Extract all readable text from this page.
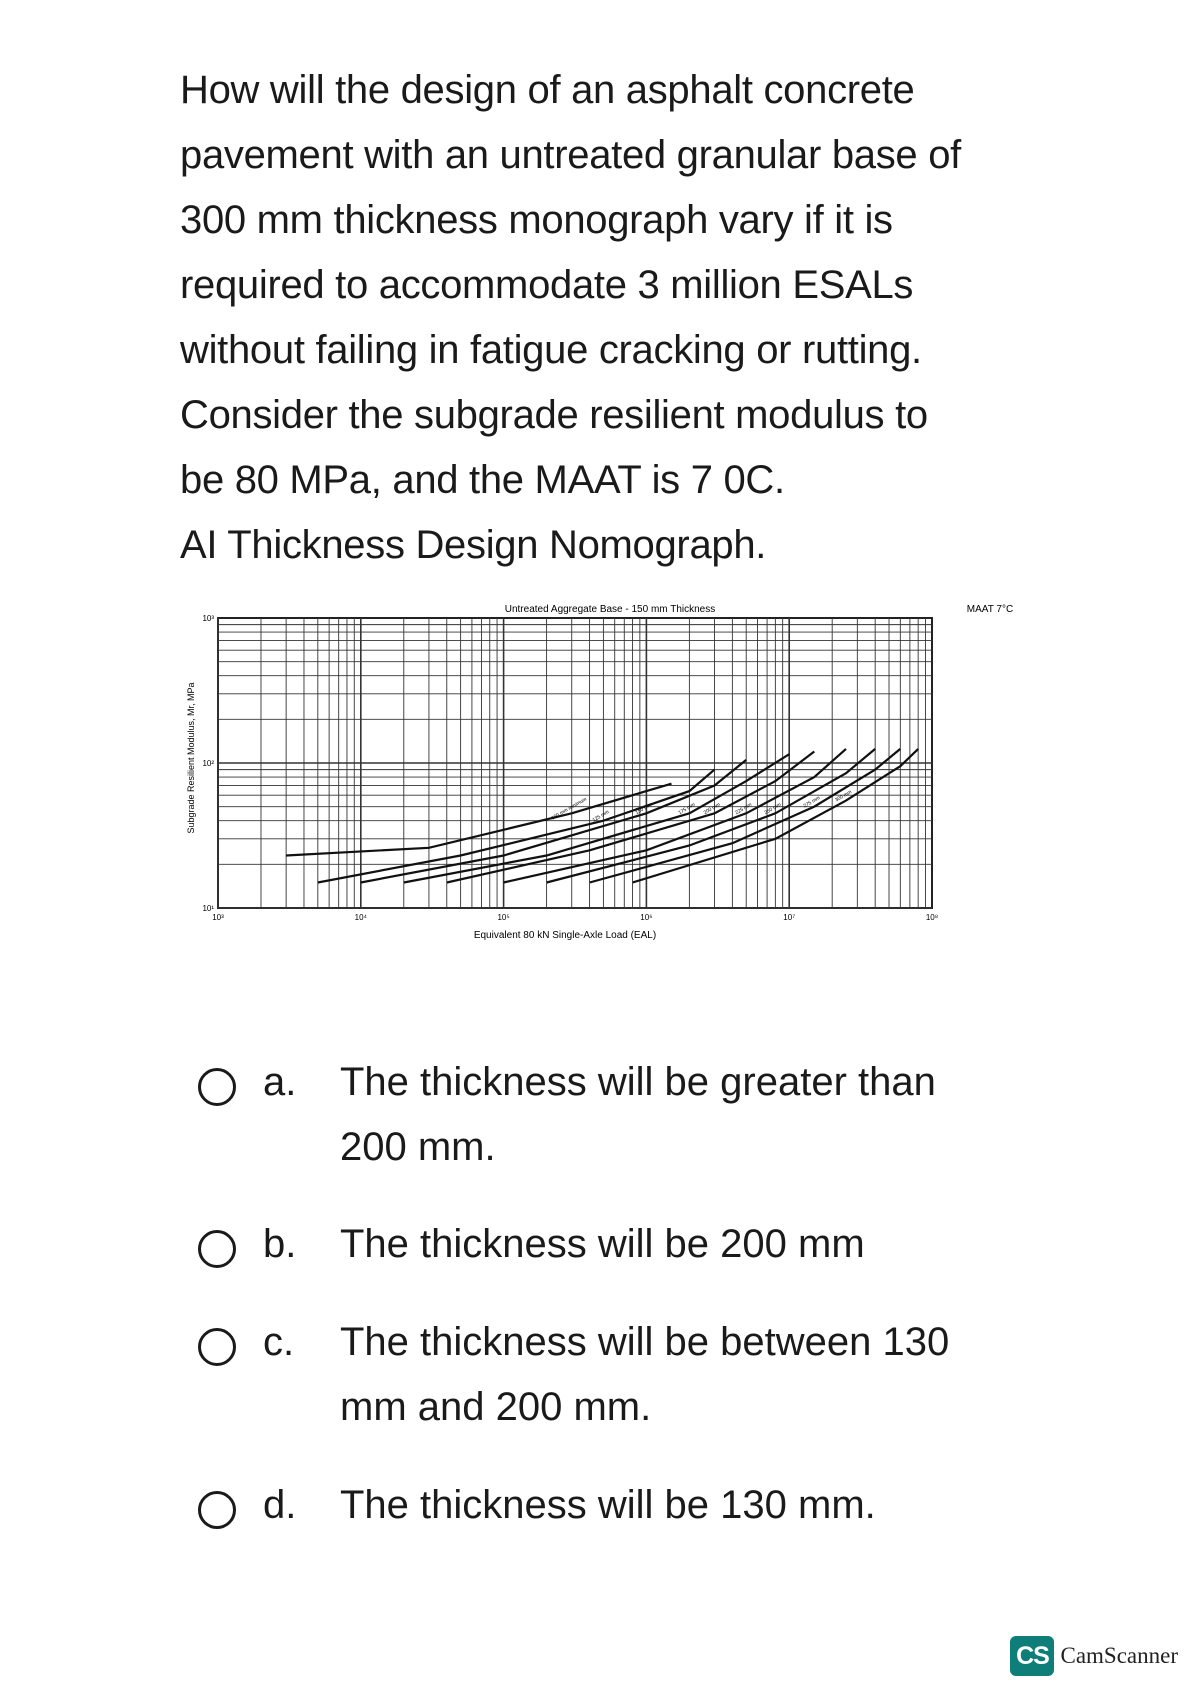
How will the design of an asphalt concrete

pavement with an untreated granular base of

300 mm thickness monograph vary if it is

required to accommodate 3 million ESALs

without failing in fatigue cracking or rutting.

Consider the subgrade resilient modulus to

be 80 MPa, and the MAAT is 7 0C.

AI Thickness Design Nomograph.

Untreated Aggregate Base - 150 mm Thickness	MAAT 7°C
Subgrade Resilient Modulus, Mr, MPa
Equivalent 80 kN Single-Axle Load (EAL)
100 mm minimum 125 mm
150 mm	175 mm 200 mm	225 mm 250 mm	275 mm	300 mm
10³	10⁴	10⁵	10⁶	10⁷	10⁸
10³
10²
10¹
a. The thickness will be greater than
200 mm.
b. The thickness will be 200 mm
c. The thickness will be between 130
mm and 200 mm.
d. The thickness will be 130 mm.
CS CamScanner
